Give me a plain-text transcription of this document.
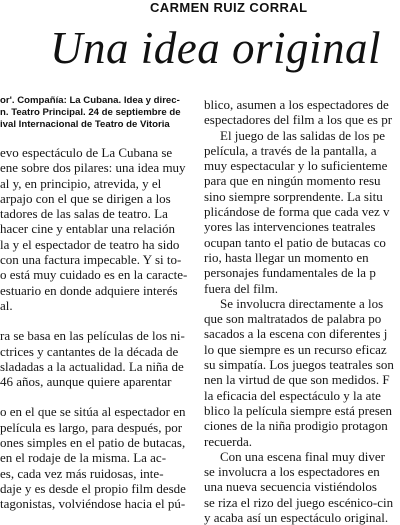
CARMEN RUIZ CORRAL
Una idea original
or'. Compañía: La Cubana. Idea y direc-
n. Teatro Principal. 24 de septiembre de
ival Internacional de Teatro de Vitoria
evo espectáculo de La Cubana se
ene sobre dos pilares: una idea muy
al y, en principio, atrevida, y el
arpajo con el que se dirigen a los
tadores de las salas de teatro. La
hacer cine y entablar una relación
la y el espectador de teatro ha sido
con una factura impecable. Y si to-
o está muy cuidado es en la caracte-
estuario en donde adquiere interés
al.
ra se basa en las películas de los ni-
ctrices y cantantes de la década de
sladadas a la actualidad. La niña de
46 años, aunque quiere aparentar
o en el que se sitúa al espectador en
película es largo, para después, por
ones simples en el patio de butacas,
en el rodaje de la misma. La ac-
es, cada vez más ruidosas, inte-
daje y es desde el propio film desde
tagonistas, volviéndose hacia el pú-
blico, asumen a los espectadores de
espectadores del film a los que es pr
El juego de las salidas de los pe
película, a través de la pantalla, a
muy espectacular y lo suficienteme
para que en ningún momento resu
sino siempre sorprendente. La situ
plicándose de forma que cada vez v
yores las intervenciones teatrales
ocupan tanto el patio de butacas co
rio, hasta llegar un momento en
personajes fundamentales de la p
fuera del film.
Se involucra directamente a los
que son maltratados de palabra po
sacados a la escena con diferentes j
lo que siempre es un recurso eficaz
su simpatía. Los juegos teatrales son
nen la virtud de que son medidos. F
la eficacia del espectáculo y la ate
blico la película siempre está presen
ciones de la niña prodigio protagon
recuerda.
Con una escena final muy diver
se involucra a los espectadores en
una nueva secuencia vistiéndolos
se riza el rizo del juego escénico-cin
y acaba así un espectáculo original.
